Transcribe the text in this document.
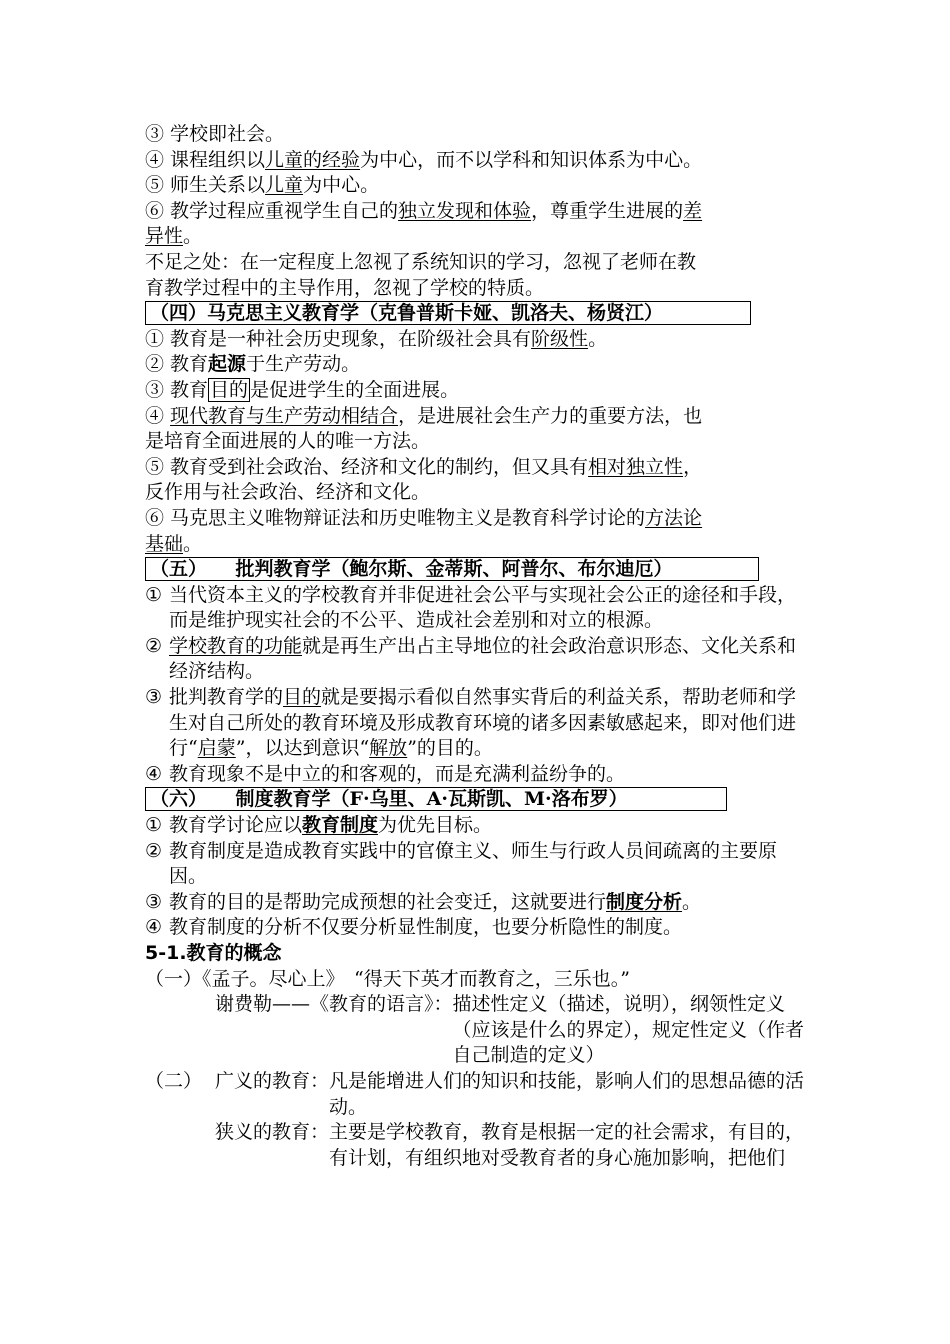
③ 学校即社会。
④ 课程组织以儿童的经验为中心，而不以学科和知识体系为中心。
⑤ 师生关系以儿童为中心。
⑥ 教学过程应重视学生自己的独立发现和体验，尊重学生进展的差
异性。
不足之处：在一定程度上忽视了系统知识的学习，忽视了老师在教
育教学过程中的主导作用，忽视了学校的特质。
（四）马克思主义教育学（克鲁普斯卡娅、凯洛夫、杨贤江）
① 教育是一种社会历史现象，在阶级社会具有阶级性。
② 教育起源于生产劳动。
③ 教育 目的 是促进学生的全面进展。
④ 现代教育与生产劳动相结合，是进展社会生产力的重要方法，也
是培育全面进展的人的唯一方法。
⑤ 教育受到社会政治、经济和文化的制约，但又具有相对独立性，
反作用与社会政治、经济和文化。
⑥ 马克思主义唯物辩证法和历史唯物主义是教育科学讨论的方法论
基础。
（五）　　批判教育学（鲍尔斯、金蒂斯、阿普尔、布尔迪厄）
① 当代资本主义的学校教育并非促进社会公平与实现社会公正的途径和手段，而是维护现实社会的不公平、造成社会差别和对立的根源。
② 学校教育的功能就是再生产出占主导地位的社会政治意识形态、文化关系和经济结构。
③ 批判教育学的目的就是要揭示看似自然事实背后的利益关系，帮助老师和学生对自己所处的教育环境及形成教育环境的诸多因素敏感起来，即对他们进行“启蒙”，以达到意识“解放”的目的。
④ 教育现象不是中立的和客观的，而是充满利益纷争的。
（六）　　制度教育学（F·乌里、A·瓦斯凯、M·洛布罗）
① 教育学讨论应以教育制度为优先目标。
② 教育制度是造成教育实践中的官僚主义、师生与行政人员间疏离的主要原因。
③ 教育的目的是帮助完成预想的社会变迁，这就要进行制度分析。
④ 教育制度的分析不仅要分析显性制度，也要分析隐性的制度。
5-1.教育的概念
（一）《孟子。尽心上》　“得天下英才而教育之，三乐也。”
谢费勒——《教育的语言》： 描述性定义（描述，说明），纲领性定义（应该是什么的界定），规定性定义（作者自己制造的定义）
（二） 广义的教育： 凡是能增进人们的知识和技能，影响人们的思想品德的活动。
狭义的教育： 主要是学校教育，教育是根据一定的社会需求，有目的，有计划，有组织地对受教育者的身心施加影响，把他们
